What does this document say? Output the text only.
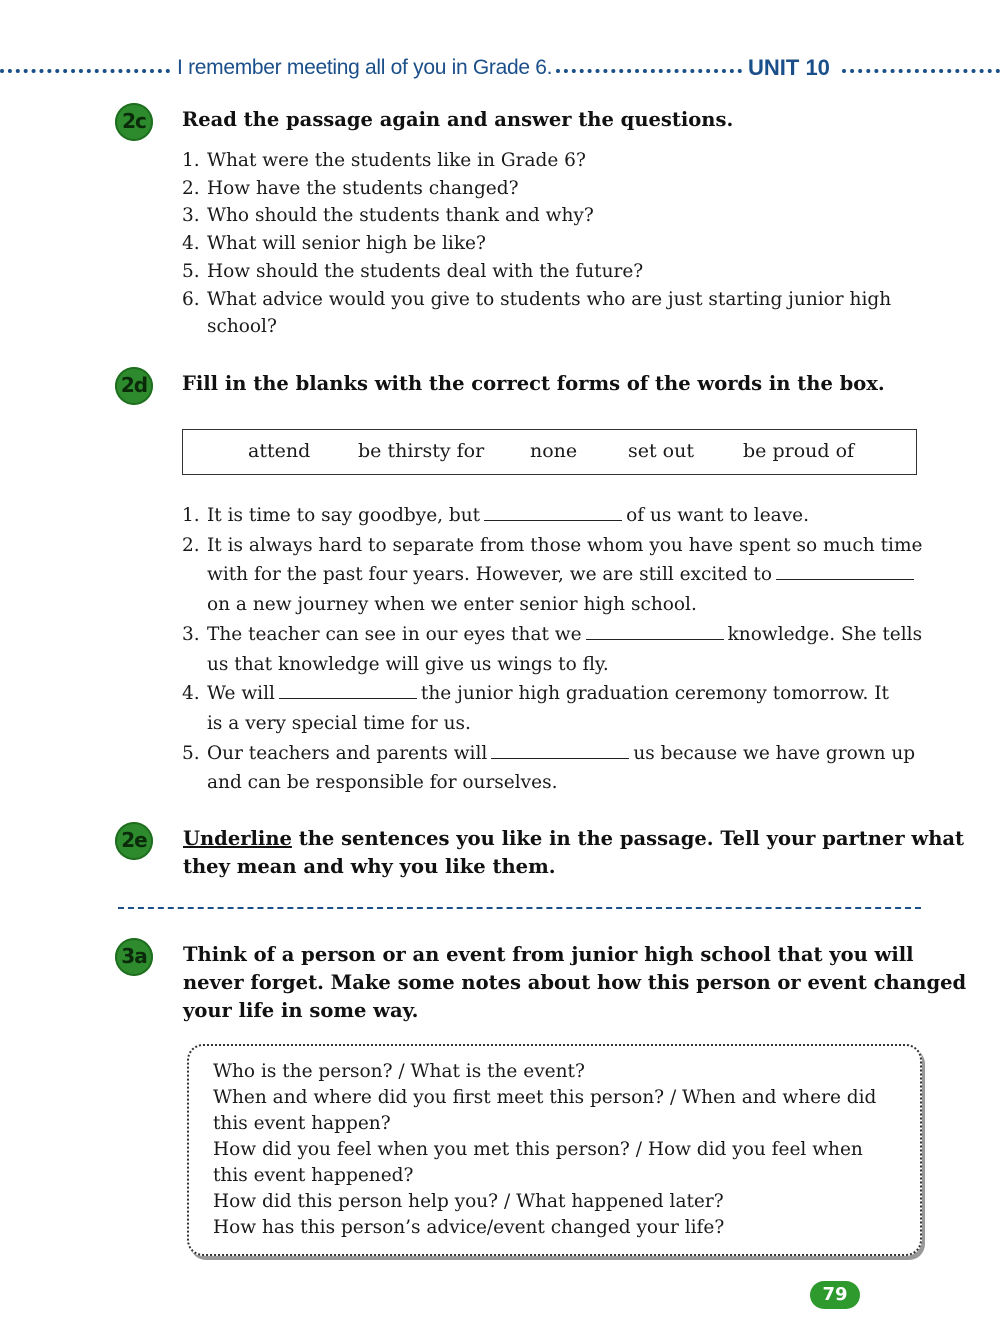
I remember meeting all of you in Grade 6.	UNIT 10
2c	Read the passage again and answer the questions.
1. What were the students like in Grade 6?
2. How have the students changed?
3. Who should the students thank and why?
4. What will senior high be like?
5. How should the students deal with the future?
6. What advice would you give to students who are just starting junior high
school?
2d	Fill in the blanks with the correct forms of the words in the box.
attend	be thirsty for none	set out	be proud of
1. It is time to say goodbye, but	of us want to leave.
2. It is always hard to separate from those whom you have spent so much time
with for the past four years. However, we are still excited to
on a new journey when we enter senior high school.
3. The teacher can see in our eyes that we	knowledge. She tells
us that knowledge will give us wings to fly.
4. We will	the junior high graduation ceremony tomorrow. It
is a very special time for us.
5. Our teachers and parents will	us because we have grown up
and can be responsible for ourselves.
2e	Underline the sentences you like in the passage. Tell your partner what
they mean and why you like them.
3a	Think of a person or an event from junior high school that you will
never forget. Make some notes about how this person or event changed
your life in some way.
Who is the person? / What is the event?
When and where did you first meet this person? / When and where did
this event happen?
How did you feel when you met this person? / How did you feel when
this event happened?
How did this person help you? / What happened later?
How has this person’s advice/event changed your life?
79
